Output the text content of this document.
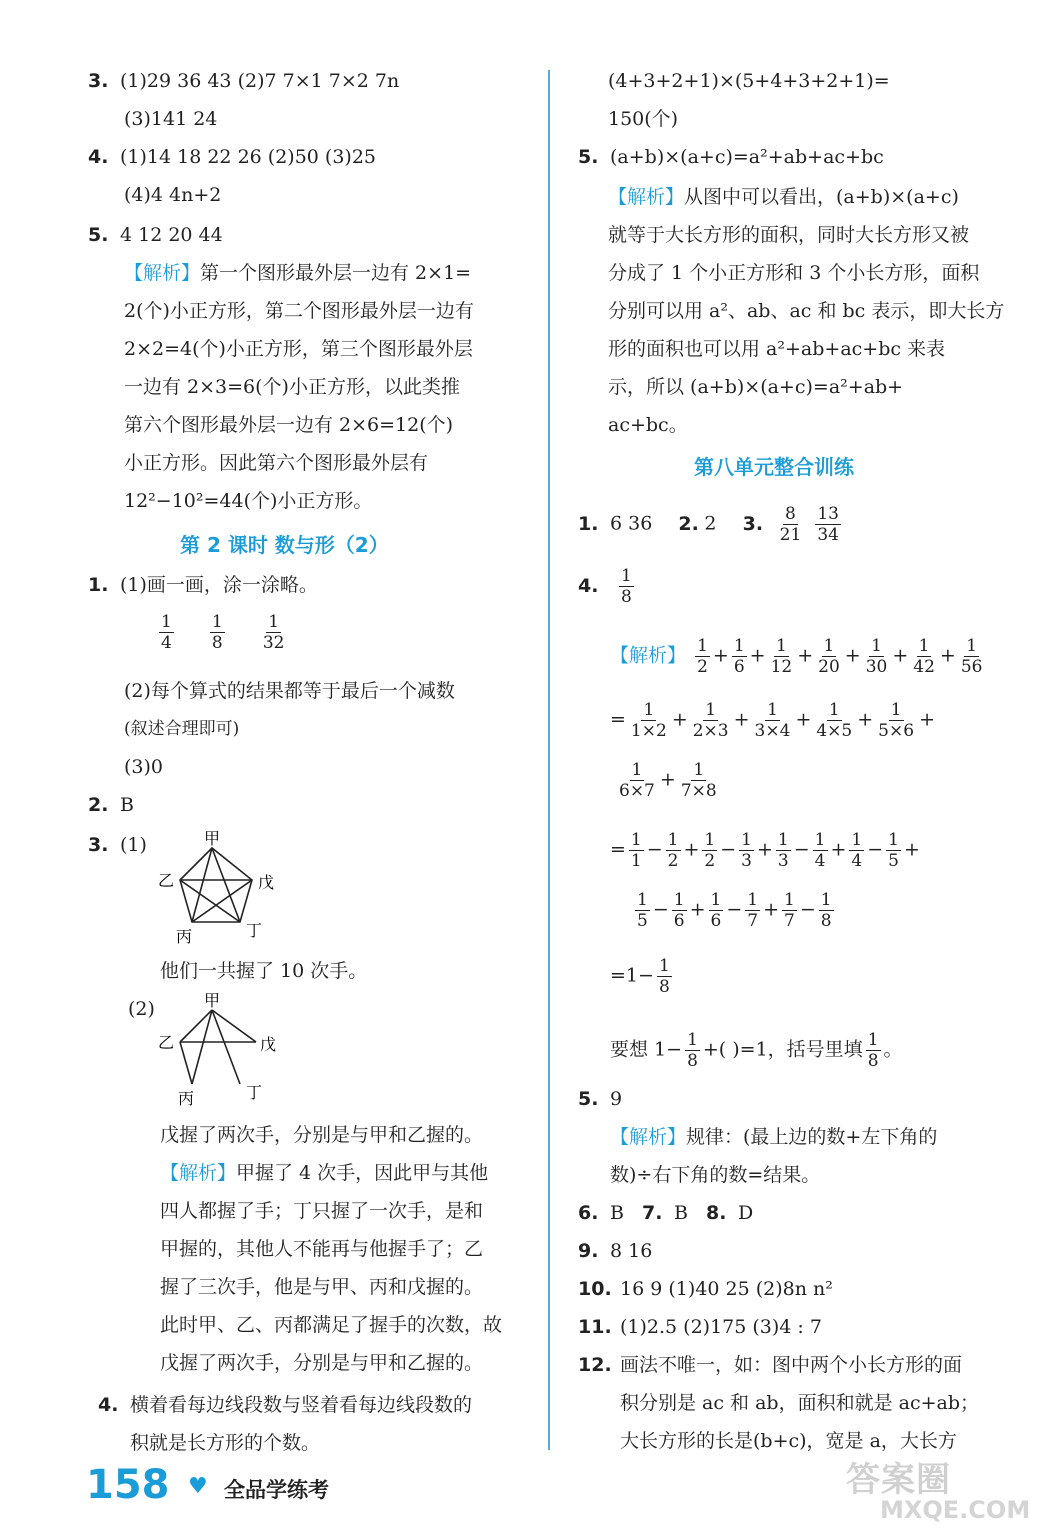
3. (1)29 36 43 (2)7 7×1 7×2 7n
(3)141 24
4. (1)14 18 22 26 (2)50 (3)25
(4)4 4n+2
5. 4 12 20 44
【解析】第一个图形最外层一边有 2×1=
2(个)小正方形，第二个图形最外层一边有
2×2=4(个)小正方形，第三个图形最外层
一边有 2×3=6(个)小正方形，以此类推
第六个图形最外层一边有 2×6=12(个)
小正方形。因此第六个图形最外层有
12²−10²=44(个)小正方形。
第 2 课时 数与形（2）
1. (1)画一画，涂一涂略。
$\frac{1}{4}$
$\frac{1}{8}$
$\frac{1}{32}$
(2)每个算式的结果都等于最后一个减数
(叙述合理即可)
(3)0
2. B
3. (1)	甲
乙	戊
丙	丁
他们一共握了 10 次手。
(2)	甲
乙	戊
丙	丁
戊握了两次手，分别是与甲和乙握的。
【解析】甲握了 4 次手，因此甲与其他
四人都握了手；丁只握了一次手，是和
甲握的，其他人不能再与他握手了；乙
握了三次手，他是与甲、丙和戊握的。
此时甲、乙、丙都满足了握手的次数，故
戊握了两次手，分别是与甲和乙握的。
4. 横着看每边线段数与竖着看每边线段数的
积就是长方形的个数。
(4+3+2+1)×(5+4+3+2+1)=
150(个)
5. (a+b)×(a+c)=a²+ab+ac+bc
【解析】从图中可以看出，(a+b)×(a+c)
就等于大长方形的面积，同时大长方形又被
分成了 1 个小正方形和 3 个小长方形，面积
分别可以用 a²、ab、ac 和 bc 表示，即大长方
形的面积也可以用 a²+ab+ac+bc 来表
示，所以 (a+b)×(a+c)=a²+ab+
ac+bc。
第八单元整合训练
1. 6 36 2. 2 3. $\frac{8}{21}$
$\frac{13}{34}$
4. $\frac{1}{8}$
【解析】 $\frac{1}{2} + \frac{1}{6} + \frac{1}{12} + \frac{1}{20} + \frac{1}{30} + \frac{1}{42} + \frac{1}{56}$
= $\frac{1}{1\times 2} + \frac{1}{2\times 3} + \frac{1}{3\times 4} + \frac{1}{4\times 5} + \frac{1}{5\times 6}$ +
$\frac{1}{6\times 7} + \frac{1}{7\times 8}$
= $\frac{1}{1} - \frac{1}{2} + \frac{1}{2} - \frac{1}{3} + \frac{1}{3} - \frac{1}{4} + \frac{1}{4} - \frac{1}{5}$ +
$\frac{1}{5} - \frac{1}{6} + \frac{1}{6} - \frac{1}{7} + \frac{1}{7} - \frac{1}{8}$
$=1- \frac{1}{8}$
要想 $1- \frac{1}{8}$ +( )=1，括号里填 $\frac{1}{8}$ 。
5. 9
【解析】规律：(最上边的数+左下角的
数)÷右下角的数=结果。
6. B 7. B 8. D
9. 8 16
10. 16 9 (1)40 25 (2)8n n²
11. (1)2.5 (2)175 (3)4 : 7
12. 画法不唯一，如：图中两个小长方形的面
积分别是 ac 和 ab，面积和就是 ac+ab；
大长方形的长是(b+c)，宽是 a，大长方
158 ♥ 全品学练考	答案圈
MXQE.COM
